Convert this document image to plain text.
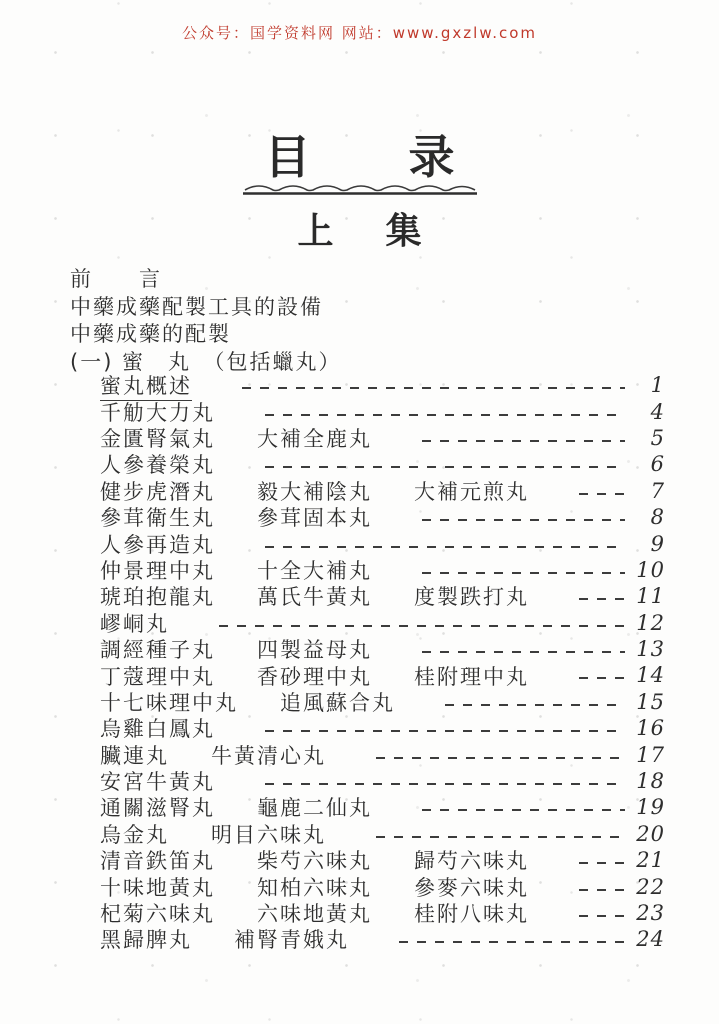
公众号：国学资料网 网站：www.gxzlw.com
目 录
上 集
前　　言
中藥成藥配製工具的設備
中藥成藥的配製
(一) 蜜　丸　（包括蠟丸）
蜜丸概述	1
千觔大力丸	4
金匱腎氣丸 大補全鹿丸	5
人參養榮丸	6
健步虎潛丸 毅大補陰丸 大補元煎丸	7
參茸衛生丸 參茸固本丸	8
人參再造丸	9
仲景理中丸 十全大補丸	10
琥珀抱龍丸 萬氏牛黃丸 度製跌打丸	11
嵺峒丸	12
調經種子丸 四製益母丸	13
丁蔻理中丸 香砂理中丸 桂附理中丸	14
十七味理中丸 追風蘇合丸	15
烏雞白鳳丸	16
臟連丸 牛黃清心丸	17
安宮牛黃丸	18
通關滋腎丸 龜鹿二仙丸	19
烏金丸 明目六味丸	20
清音鉄笛丸 柴芍六味丸 歸芍六味丸	21
十味地黃丸 知柏六味丸 參麥六味丸	22
杞菊六味丸 六味地黃丸 桂附八味丸	23
黑歸脾丸 補腎青娥丸	24
